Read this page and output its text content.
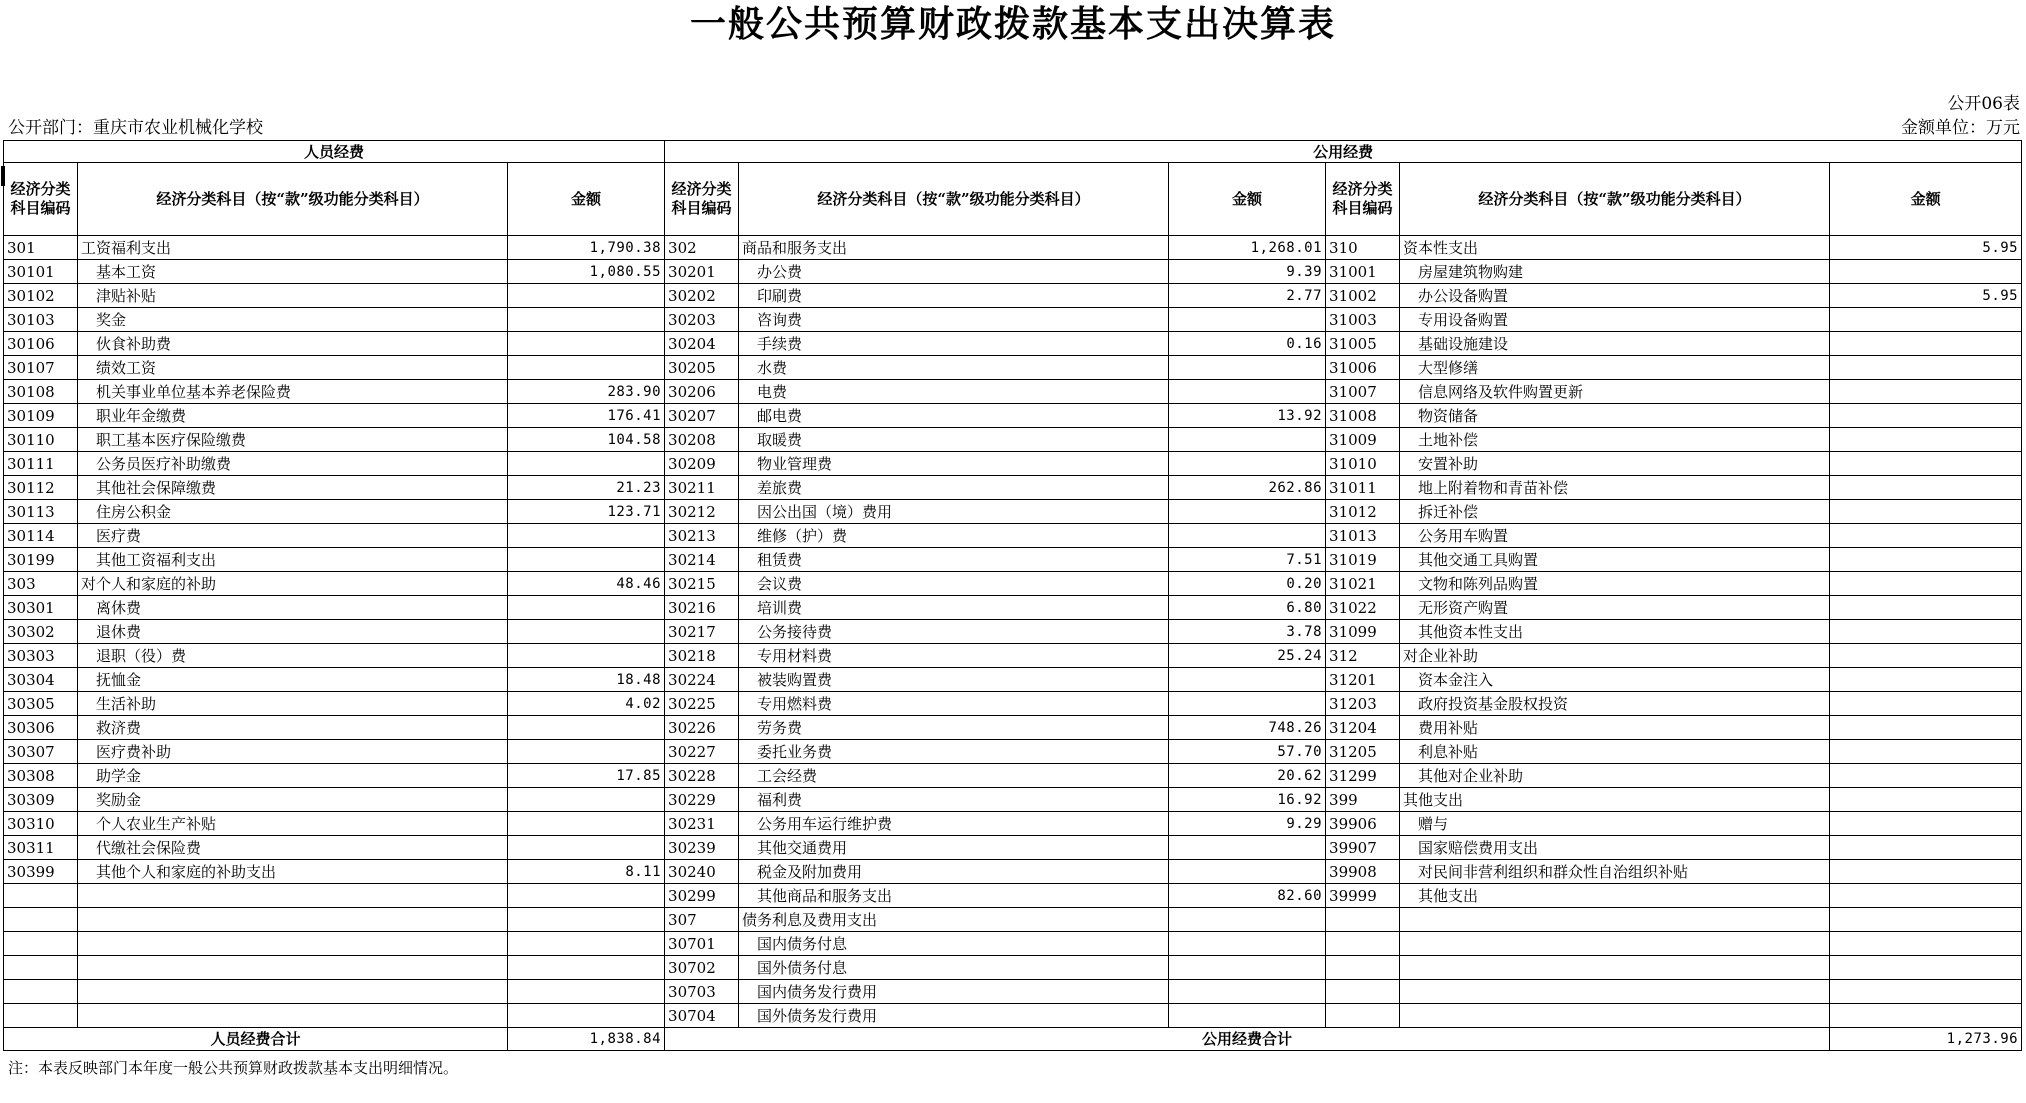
一般公共预算财政拨款基本支出决算表
公开06表
公开部门：重庆市农业机械化学校	金额单位：万元
人员经费			公用经费					
经济分类科目编码	经济分类科目（按“款”级功能分类科目）	金额	经济分类科目编码	经济分类科目（按“款”级功能分类科目）	金额	经济分类科目编码	经济分类科目（按“款”级功能分类科目）	金额
301	工资福利支出	1,790.38	302	商品和服务支出	1,268.01	310	资本性支出	5.95
30101	基本工资	1,080.55	30201	办公费	9.39	31001	房屋建筑物购建	
30102	津贴补贴		30202	印刷费	2.77	31002	办公设备购置	5.95
30103	奖金		30203	咨询费		31003	专用设备购置	
30106	伙食补助费		30204	手续费	0.16	31005	基础设施建设	
30107	绩效工资		30205	水费		31006	大型修缮	
30108	机关事业单位基本养老保险费	283.90	30206	电费		31007	信息网络及软件购置更新	
30109	职业年金缴费	176.41	30207	邮电费	13.92	31008	物资储备	
30110	职工基本医疗保险缴费	104.58	30208	取暖费		31009	土地补偿	
30111	公务员医疗补助缴费		30209	物业管理费		31010	安置补助	
30112	其他社会保障缴费	21.23	30211	差旅费	262.86	31011	地上附着物和青苗补偿	
30113	住房公积金	123.71	30212	因公出国（境）费用		31012	拆迁补偿	
30114	医疗费		30213	维修（护）费		31013	公务用车购置	
30199	其他工资福利支出		30214	租赁费	7.51	31019	其他交通工具购置	
303	对个人和家庭的补助	48.46	30215	会议费	0.20	31021	文物和陈列品购置	
30301	离休费		30216	培训费	6.80	31022	无形资产购置	
30302	退休费		30217	公务接待费	3.78	31099	其他资本性支出	
30303	退职（役）费		30218	专用材料费	25.24	312	对企业补助	
30304	抚恤金	18.48	30224	被装购置费		31201	资本金注入	
30305	生活补助	4.02	30225	专用燃料费		31203	政府投资基金股权投资	
30306	救济费		30226	劳务费	748.26	31204	费用补贴	
30307	医疗费补助		30227	委托业务费	57.70	31205	利息补贴	
30308	助学金	17.85	30228	工会经费	20.62	31299	其他对企业补助	
30309	奖励金		30229	福利费	16.92	399	其他支出	
30310	个人农业生产补贴		30231	公务用车运行维护费	9.29	39906	赠与	
30311	代缴社会保险费		30239	其他交通费用		39907	国家赔偿费用支出	
30399	其他个人和家庭的补助支出	8.11	30240	税金及附加费用		39908	对民间非营利组织和群众性自治组织补贴	
			30299	其他商品和服务支出	82.60	39999	其他支出	
			307	债务利息及费用支出				
			30701	国内债务付息				
			30702	国外债务付息				
			30703	国内债务发行费用				
			30704	国外债务发行费用				
人员经费合计		1,838.84	公用经费合计					1,273.96
注：本表反映部门本年度一般公共预算财政拨款基本支出明细情况。
